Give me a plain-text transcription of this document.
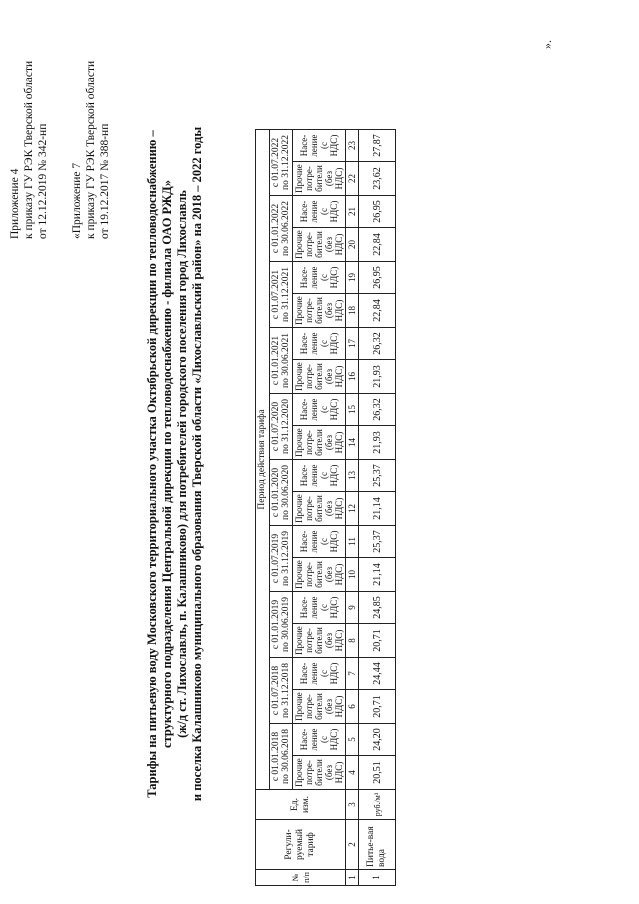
Приложение 4 к приказу ГУ РЭК Тверской области от 12.12.2019 № 342-нп «Приложение 7 к приказу ГУ РЭК Тверской области от 19.12.2017 № 388-нп	Тарифы на питьевую воду Московского территориального участка Октябрьской дирекции по тепловодоснабжению – структурного подразделения Центральной дирекции по тепловодоснабжению - филиала ОАО РЖД» (ж/д ст. Лихославль, п. Калашниково) для потребителей городского поселения город Лихославль и поселка Калашниково муниципального образования Тверской области «Лихославльский район» на 2018 – 2022 годы
№ п/п	Регули-руемый тариф	Ед. изм.	Период действия тарифа																			
			с 01.01.2018 по 30.06.2018		с 01.07.2018 по 31.12.2018		с 01.01.2019 по 30.06.2019		с 01.07.2019 по 31.12.2019		с 01.01.2020 по 30.06.2020		с 01.07.2020 по 31.12.2020		с 01.01.2021 по 30.06.2021		с 01.07.2021 по 31.12.2021		с 01.01.2022 по 30.06.2022		с 01.07.2022 по 31.12.2022	
			Прочие потре-бители (без НДС)	Насе-ление (с НДС)	Прочие потре-бители (без НДС)	Насе-ление (с НДС)	Прочие потре-бители (без НДС)	Насе-ление (с НДС)	Прочие потре-бители (без НДС)	Насе-ление (с НДС)	Прочие потре-бители (без НДС)	Насе-ление (с НДС)	Прочие потре-бители (без НДС)	Насе-ление (с НДС)	Прочие потре-бители (без НДС)	Насе-ление (с НДС)	Прочие потре-бители (без НДС)	Насе-ление (с НДС)	Прочие потре-бители (без НДС)	Насе-ление (с НДС)	Прочие потре-бители (без НДС)	Насе-ление (с НДС)
1	2	3	4	5	6	7	8	9	10	11	12	13	14	15	16	17	18	19	20	21	22	23
1	Питье-вая вода	руб./м³	20,51	24,20	20,71	24,44	20,71	24,85	21,14	25,37	21,14	25,37	21,93	26,32	21,93	26,32	22,84	26,95	22,84	26,95	23,62	27,87
».
